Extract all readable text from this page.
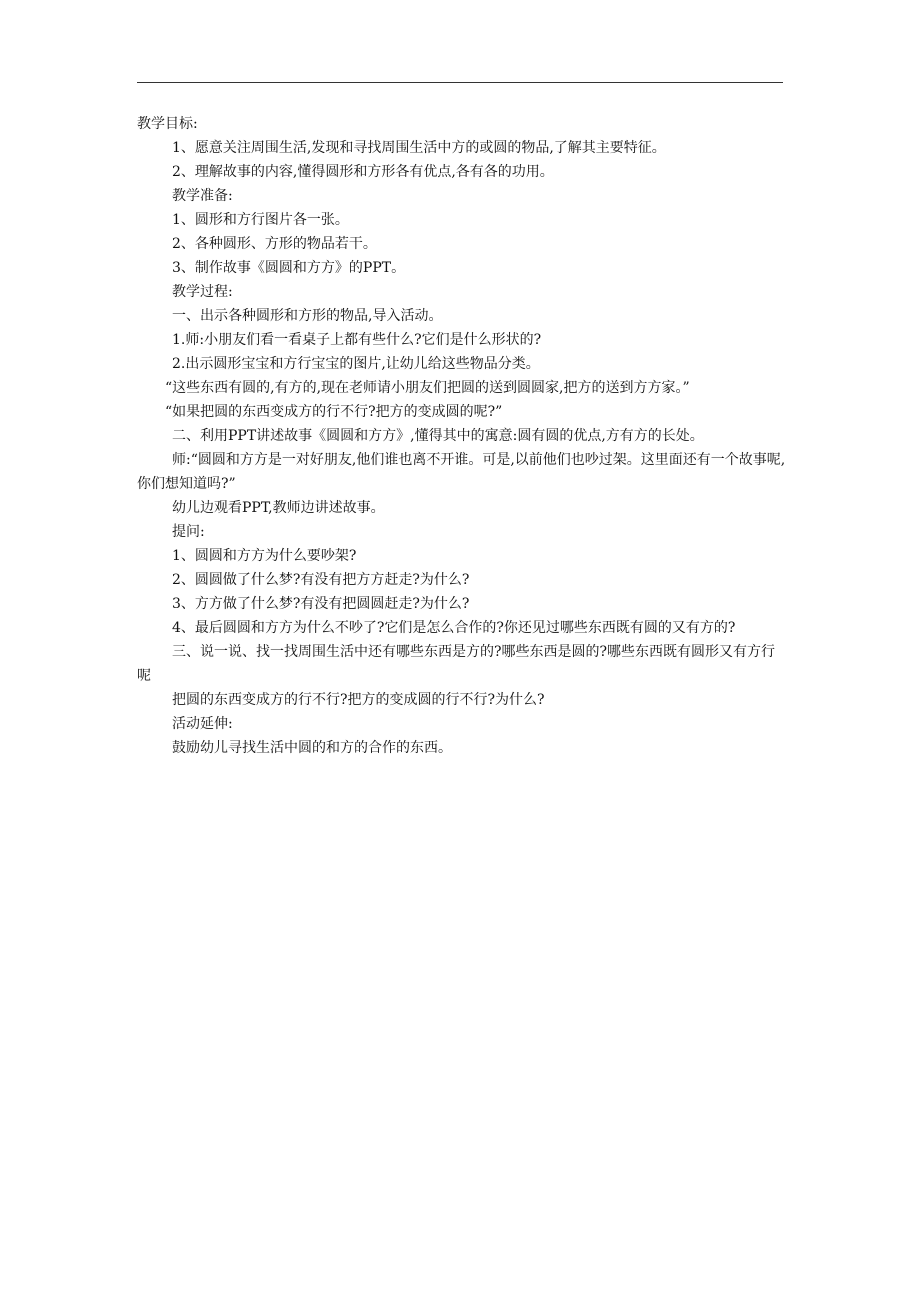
教学目标:

1、愿意关注周围生活,发现和寻找周围生活中方的或圆的物品,了解其主要特征。

2、理解故事的内容,懂得圆形和方形各有优点,各有各的功用。

教学准备:

1、圆形和方行图片各一张。

2、各种圆形、方形的物品若干。

3、制作故事《圆圆和方方》的PPT。

教学过程:

一、出示各种圆形和方形的物品,导入活动。

1.师:小朋友们看一看桌子上都有些什么?它们是什么形状的?

2.出示圆形宝宝和方行宝宝的图片,让幼儿给这些物品分类。

“这些东西有圆的,有方的,现在老师请小朋友们把圆的送到圆圆家,把方的送到方方家。”

“如果把圆的东西变成方的行不行?把方的变成圆的呢?”

二、利用PPT讲述故事《圆圆和方方》,懂得其中的寓意:圆有圆的优点,方有方的长处。

师:“圆圆和方方是一对好朋友,他们谁也离不开谁。可是,以前他们也吵过架。这里面还有一个故事呢,你们想知道吗?”

幼儿边观看PPT,教师边讲述故事。

提问:

1、圆圆和方方为什么要吵架?

2、圆圆做了什么梦?有没有把方方赶走?为什么?

3、方方做了什么梦?有没有把圆圆赶走?为什么?

4、最后圆圆和方方为什么不吵了?它们是怎么合作的?你还见过哪些东西既有圆的又有方的?

三、说一说、找一找周围生活中还有哪些东西是方的?哪些东西是圆的?哪些东西既有圆形又有方行呢

把圆的东西变成方的行不行?把方的变成圆的行不行?为什么?

活动延伸:

鼓励幼儿寻找生活中圆的和方的合作的东西。
